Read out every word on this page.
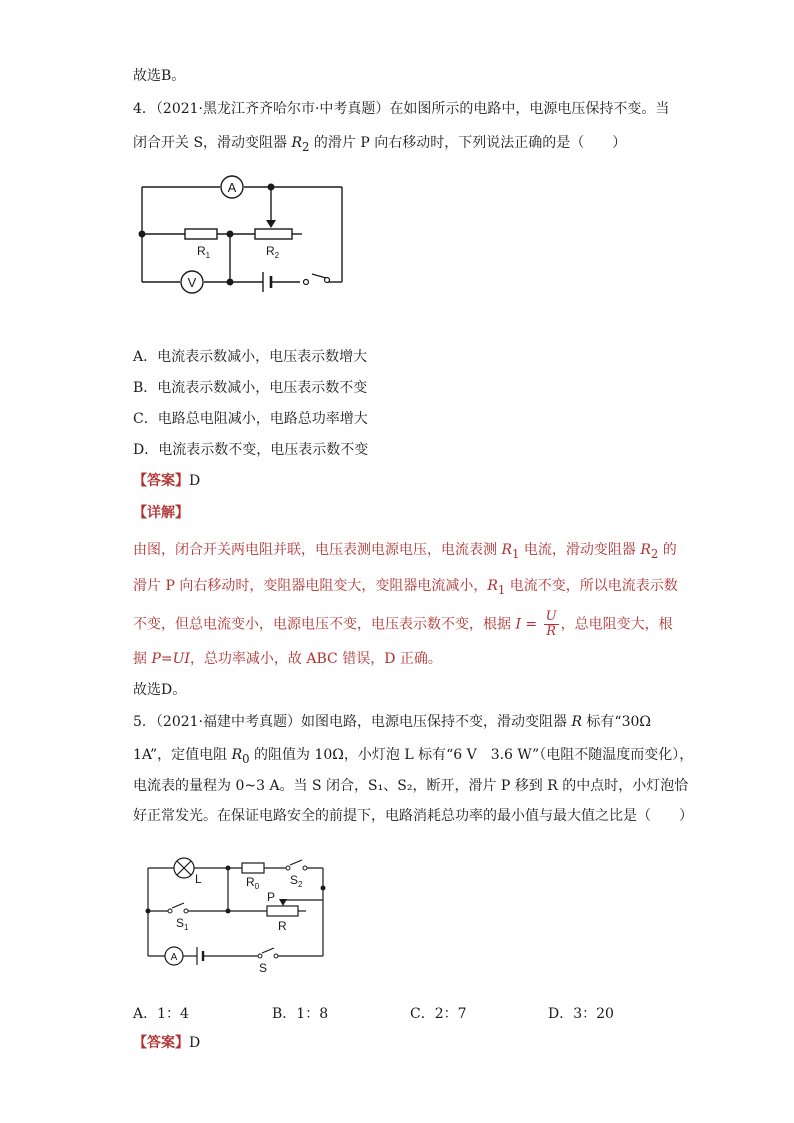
故选B。
4．（2021·黑龙江齐齐哈尔市·中考真题）在如图所示的电路中，电源电压保持不变。当
闭合开关 S，滑动变阻器 $R_2$ 的滑片 P 向右移动时，下列说法正确的是（　　）
A
$R_1$	$R_2$
V
A．电流表示数减小，电压表示数增大
B．电流表示数减小，电压表示数不变
C．电路总电阻减小，电路总功率增大
D．电流表示数不变，电压表示数不变
【答案】D
【详解】
由图，闭合开关两电阻并联，电压表测电源电压，电流表测 $R_1$ 电流，滑动变阻器 $R_2$ 的
滑片 P 向右移动时，变阻器电阻变大，变阻器电流减小，$R_1$ 电流不变，所以电流表示数
不变，但总电流变小，电源电压不变，电压表示数不变，根据 $I = \frac{U}{R}$ ，总电阻变大，根
据 P=UI，总功率减小，故 ABC 错误，D 正确。
故选D。
5．（2021·福建中考真题）如图电路，电源电压保持不变，滑动变阻器 R 标有“30Ω
1A”，定值电阻 $R_0$ 的阻值为 10Ω，小灯泡 L 标有“6 V　3.6 W”（电阻不随温度而变化），
电流表的量程为 0~3 A。当 S 闭合，S₁、S₂，断开，滑片 P 移到 R 的中点时，小灯泡恰
好正常发光。在保证电路安全的前提下，电路消耗总功率的最小值与最大值之比是（　　）
L	$R_0$	$S_2$
$S_1$
P
R
A
S
A．1：4	B．1：8	C．2：7	D．3：20
【答案】D
